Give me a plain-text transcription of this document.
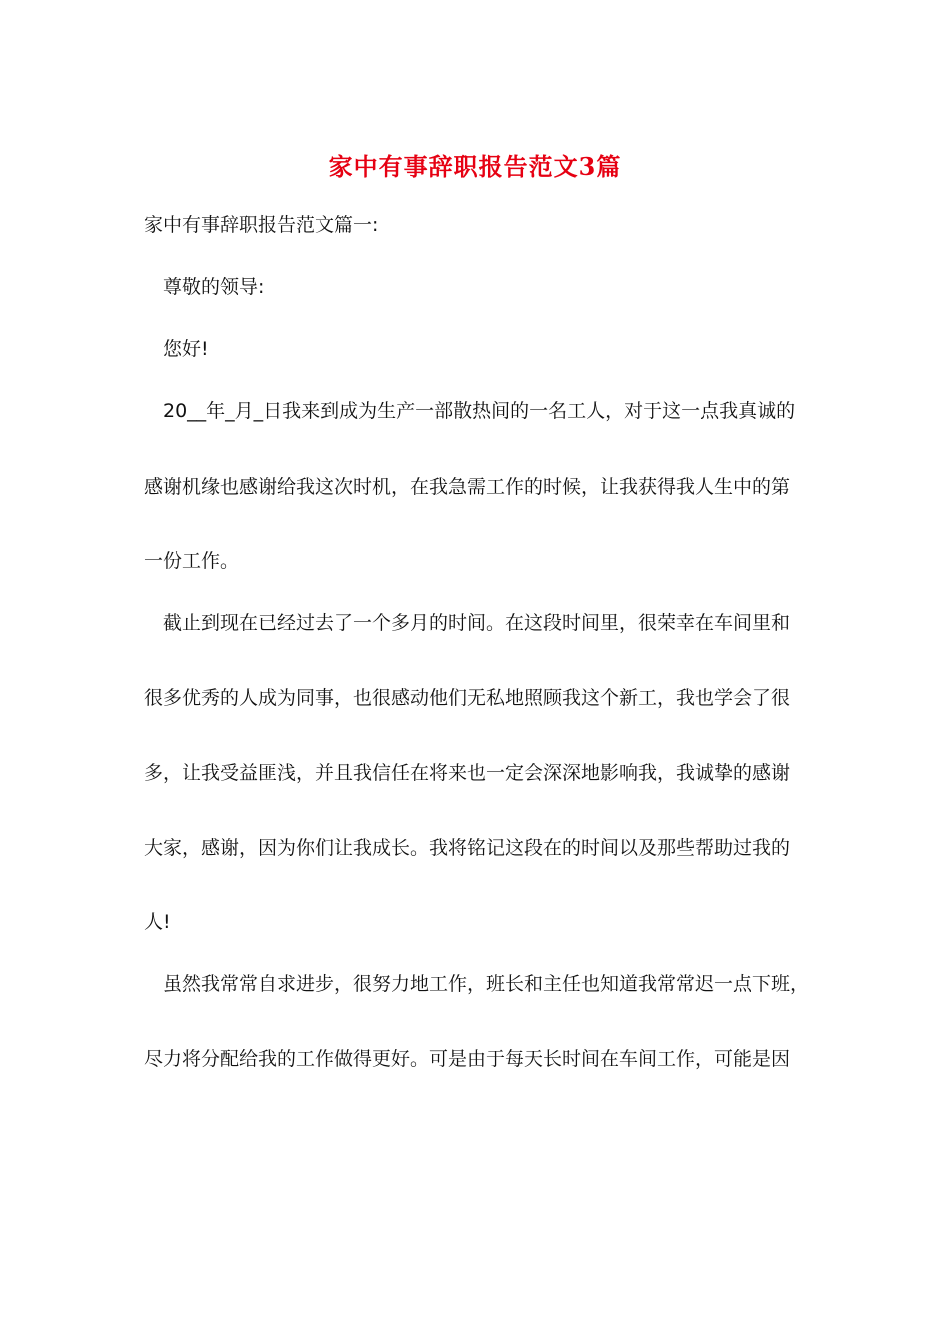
家中有事辞职报告范文3篇
家中有事辞职报告范文篇一:
尊敬的领导:
您好!
20__年_月_日我来到成为生产一部散热间的一名工人，对于这一点我真诚的
感谢机缘也感谢给我这次时机，在我急需工作的时候，让我获得我人生中的第
一份工作。
截止到现在已经过去了一个多月的时间。在这段时间里，很荣幸在车间里和
很多优秀的人成为同事，也很感动他们无私地照顾我这个新工，我也学会了很
多，让我受益匪浅，并且我信任在将来也一定会深深地影响我，我诚挚的感谢
大家，感谢，因为你们让我成长。我将铭记这段在的时间以及那些帮助过我的
人!
虽然我常常自求进步，很努力地工作，班长和主任也知道我常常迟一点下班，
尽力将分配给我的工作做得更好。可是由于每天长时间在车间工作，可能是因
